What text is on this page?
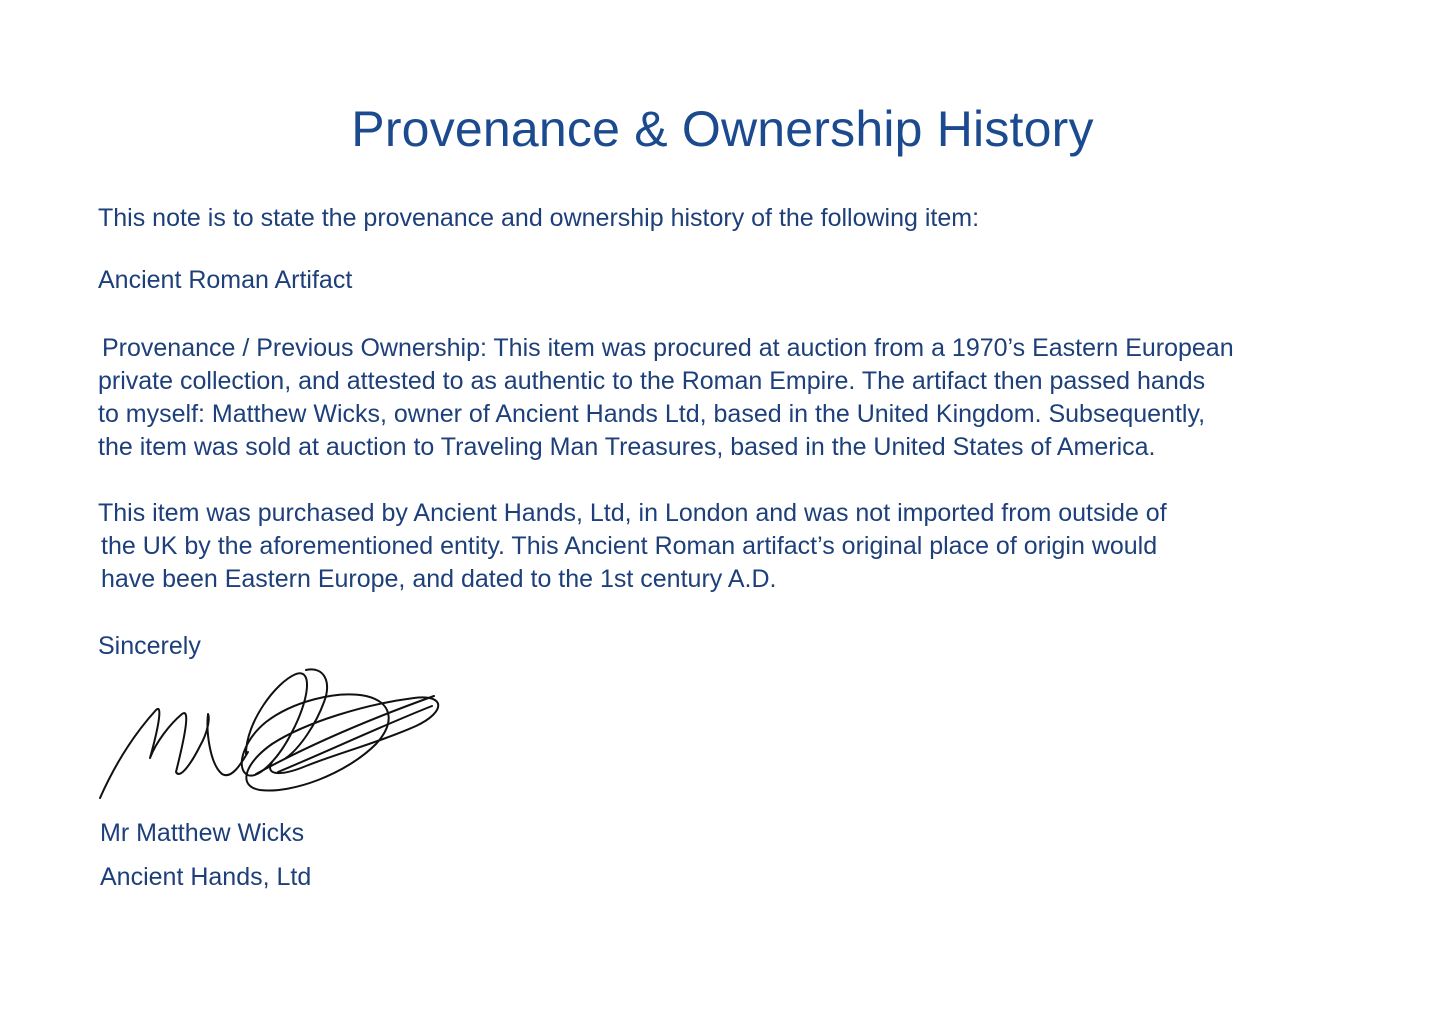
Provenance & Ownership History

This note is to state the provenance and ownership history of the following item:

Ancient Roman Artifact

Provenance / Previous Ownership: This item was procured at auction from a 1970’s Eastern European
private collection, and attested to as authentic to the Roman Empire. The artifact then passed hands
to myself: Matthew Wicks, owner of Ancient Hands Ltd, based in the United Kingdom. Subsequently,
the item was sold at auction to Traveling Man Treasures, based in the United States of America.
This item was purchased by Ancient Hands, Ltd, in London and was not imported from outside of
the UK by the aforementioned entity. This Ancient Roman artifact’s original place of origin would
have been Eastern Europe, and dated to the 1st century A.D.

Sincerely

Mr Matthew Wicks

Ancient Hands, Ltd
